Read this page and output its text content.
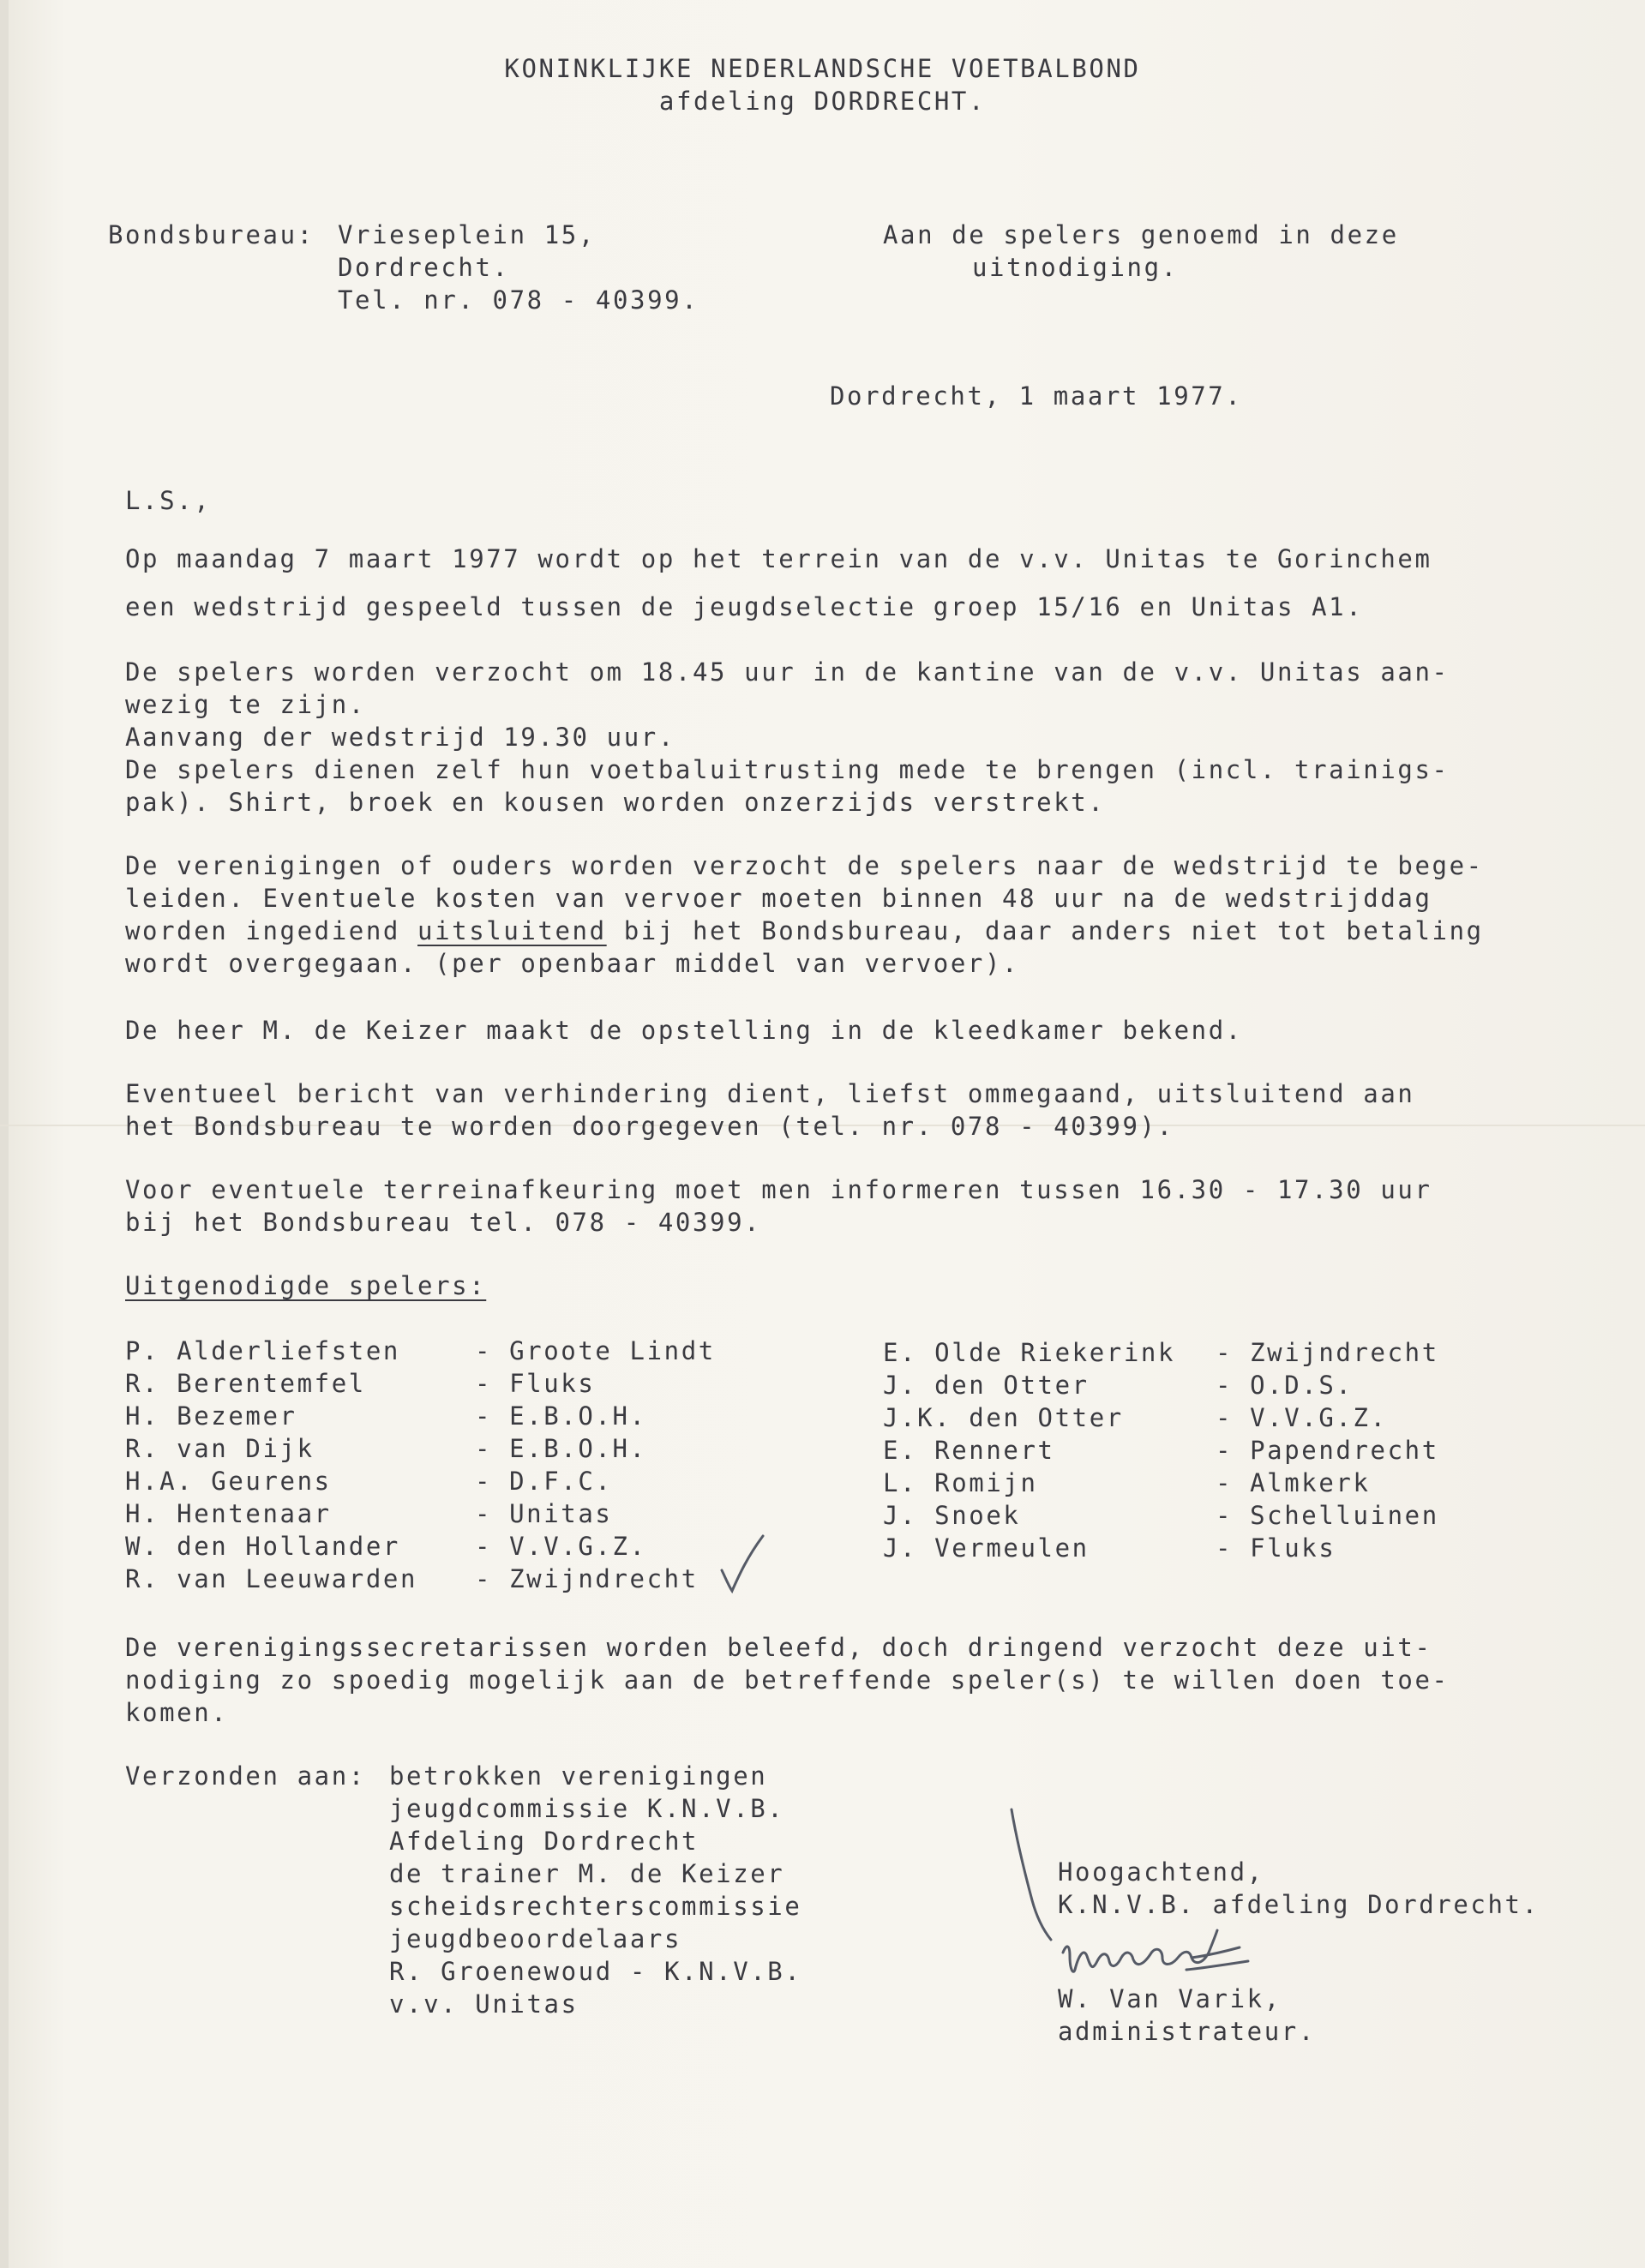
KONINKLIJKE NEDERLANDSCHE VOETBALBOND
afdeling DORDRECHT.
Bondsbureau: Vrieseplein 15,
Dordrecht.
Tel. nr. 078 - 40399.
Aan de spelers genoemd in deze
uitnodiging.
Dordrecht, 1 maart 1977.
L.S.,
Op maandag 7 maart 1977 wordt op het terrein van de v.v. Unitas te Gorinchem
een wedstrijd gespeeld tussen de jeugdselectie groep 15/16 en Unitas A1.
De spelers worden verzocht om 18.45 uur in de kantine van de v.v. Unitas aan-
wezig te zijn.
Aanvang der wedstrijd 19.30 uur.
De spelers dienen zelf hun voetbaluitrusting mede te brengen (incl. trainigs-
pak). Shirt, broek en kousen worden onzerzijds verstrekt.
De verenigingen of ouders worden verzocht de spelers naar de wedstrijd te bege-
leiden. Eventuele kosten van vervoer moeten binnen 48 uur na de wedstrijddag
worden ingediend uitsluitend bij het Bondsbureau, daar anders niet tot betaling
wordt overgegaan. (per openbaar middel van vervoer).
De heer M. de Keizer maakt de opstelling in de kleedkamer bekend.
Eventueel bericht van verhindering dient, liefst ommegaand, uitsluitend aan
het Bondsbureau te worden doorgegeven (tel. nr. 078 - 40399).
Voor eventuele terreinafkeuring moet men informeren tussen 16.30 - 17.30 uur
bij het Bondsbureau tel. 078 - 40399.
Uitgenodigde spelers:
P. Alderliefsten	- Groote Lindt
R. Berentemfel	- Fluks
H. Bezemer	- E.B.O.H.
R. van Dijk	- E.B.O.H.
H.A. Geurens	- D.F.C.
H. Hentenaar	- Unitas
W. den Hollander	- V.V.G.Z.
R. van Leeuwarden - Zwijndrecht
E. Olde Riekerink - Zwijndrecht
J. den Otter	- O.D.S.
J.K. den Otter	- V.V.G.Z.
E. Rennert	- Papendrecht
L. Romijn	- Almkerk
J. Snoek	- Schelluinen
J. Vermeulen	- Fluks
De verenigingssecretarissen worden beleefd, doch dringend verzocht deze uit-
nodiging zo spoedig mogelijk aan de betreffende speler(s) te willen doen toe-
komen.
Verzonden aan: betrokken verenigingen
jeugdcommissie K.N.V.B.
Afdeling Dordrecht
de trainer M. de Keizer
scheidsrechterscommissie
jeugdbeoordelaars
R. Groenewoud - K.N.V.B.
v.v. Unitas
Hoogachtend,
K.N.V.B. afdeling Dordrecht.
W. Van Varik,
administrateur.
